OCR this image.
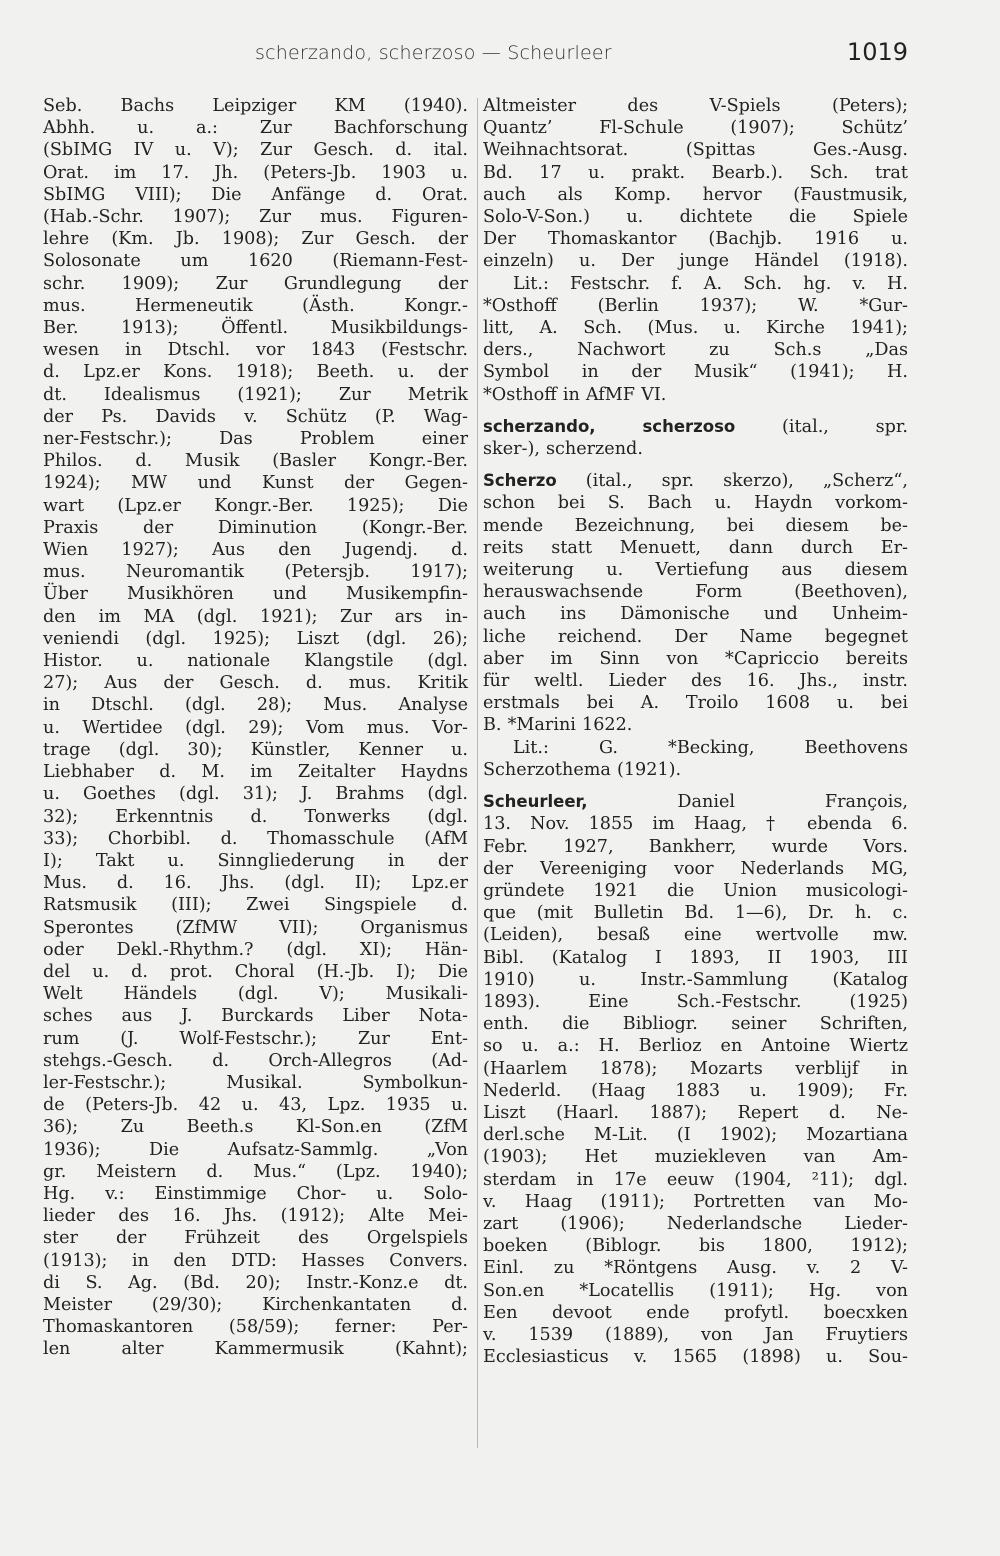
scherzando, scherzoso — Scheurleer	1019
Seb. Bachs Leipziger KM (1940).
Abhh. u. a.: Zur Bachforschung
(SbIMG IV u. V); Zur Gesch. d. ital.
Orat. im 17. Jh. (Peters-Jb. 1903 u.
SbIMG VIII); Die Anfänge d. Orat.
(Hab.-Schr. 1907); Zur mus. Figuren-
lehre (Km. Jb. 1908); Zur Gesch. der
Solosonate um 1620 (Riemann-Fest-
schr. 1909); Zur Grundlegung der
mus. Hermeneutik (Ästh. Kongr.-
Ber. 1913); Öffentl. Musikbildungs-
wesen in Dtschl. vor 1843 (Festschr.
d. Lpz.er Kons. 1918); Beeth. u. der
dt. Idealismus (1921); Zur Metrik
der Ps. Davids v. Schütz (P. Wag-
ner-Festschr.); Das Problem einer
Philos. d. Musik (Basler Kongr.-Ber.
1924); MW und Kunst der Gegen-
wart (Lpz.er Kongr.-Ber. 1925); Die
Praxis der Diminution (Kongr.-Ber.
Wien 1927); Aus den Jugendj. d.
mus. Neuromantik (Petersjb. 1917);
Über Musikhören und Musikempfin-
den im MA (dgl. 1921); Zur ars in-
veniendi (dgl. 1925); Liszt (dgl. 26);
Histor. u. nationale Klangstile (dgl.
27); Aus der Gesch. d. mus. Kritik
in Dtschl. (dgl. 28); Mus. Analyse
u. Wertidee (dgl. 29); Vom mus. Vor-
trage (dgl. 30); Künstler, Kenner u.
Liebhaber d. M. im Zeitalter Haydns
u. Goethes (dgl. 31); J. Brahms (dgl.
32); Erkenntnis d. Tonwerks (dgl.
33); Chorbibl. d. Thomasschule (AfM
I); Takt u. Sinngliederung in der
Mus. d. 16. Jhs. (dgl. II); Lpz.er
Ratsmusik (III); Zwei Singspiele d.
Sperontes (ZfMW VII); Organismus
oder Dekl.-Rhythm.? (dgl. XI); Hän-
del u. d. prot. Choral (H.-Jb. I); Die
Welt Händels (dgl. V); Musikali-
sches aus J. Burckards Liber Nota-
rum (J. Wolf-Festschr.); Zur Ent-
stehgs.-Gesch. d. Orch-Allegros (Ad-
ler-Festschr.); Musikal. Symbolkun-
de (Peters-Jb. 42 u. 43, Lpz. 1935 u.
36); Zu Beeth.s Kl-Son.en (ZfM
1936); Die Aufsatz-Sammlg. „Von
gr. Meistern d. Mus.“ (Lpz. 1940);
Hg. v.: Einstimmige Chor- u. Solo-
lieder des 16. Jhs. (1912); Alte Mei-
ster der Frühzeit des Orgelspiels
(1913); in den DTD: Hasses Convers.
di S. Ag. (Bd. 20); Instr.-Konz.e dt.
Meister (29/30); Kirchenkantaten d.
Thomaskantoren (58/59); ferner: Per-
len alter Kammermusik (Kahnt);
Altmeister des V-Spiels (Peters);
Quantz’ Fl-Schule (1907); Schütz’
Weihnachtsorat. (Spittas Ges.-Ausg.
Bd. 17 u. prakt. Bearb.). Sch. trat
auch als Komp. hervor (Faustmusik,
Solo-V-Son.) u. dichtete die Spiele
Der Thomaskantor (Bachjb. 1916 u.
einzeln) u. Der junge Händel (1918).
Lit.: Festschr. f. A. Sch. hg. v. H.
*Osthoff (Berlin 1937); W. *Gur-
litt, A. Sch. (Mus. u. Kirche 1941);
ders., Nachwort zu Sch.s „Das
Symbol in der Musik“ (1941); H.
*Osthoff in AfMF VI.
scherzando, scherzoso (ital., spr.
sker-), scherzend.
Scherzo (ital., spr. skerzo), „Scherz“,
schon bei S. Bach u. Haydn vorkom-
mende Bezeichnung, bei diesem be-
reits statt Menuett, dann durch Er-
weiterung u. Vertiefung aus diesem
herauswachsende Form (Beethoven),
auch ins Dämonische und Unheim-
liche reichend. Der Name begegnet
aber im Sinn von *Capriccio bereits
für weltl. Lieder des 16. Jhs., instr.
erstmals bei A. Troilo 1608 u. bei
B. *Marini 1622.
Lit.: G. *Becking, Beethovens
Scherzothema (1921).
Scheurleer, Daniel François,
13. Nov. 1855 im Haag, † ebenda 6.
Febr. 1927, Bankherr, wurde Vors.
der Vereeniging voor Nederlands MG,
gründete 1921 die Union musicologi-
que (mit Bulletin Bd. 1—6), Dr. h. c.
(Leiden), besaß eine wertvolle mw.
Bibl. (Katalog I 1893, II 1903, III
1910) u. Instr.-Sammlung (Katalog
1893). Eine Sch.-Festschr. (1925)
enth. die Bibliogr. seiner Schriften,
so u. a.: H. Berlioz en Antoine Wiertz
(Haarlem 1878); Mozarts verblijf in
Nederld. (Haag 1883 u. 1909); Fr.
Liszt (Haarl. 1887); Repert d. Ne-
derl.sche M-Lit. (I 1902); Mozartiana
(1903); Het muziekleven van Am-
sterdam in 17e eeuw (1904, ²11); dgl.
v. Haag (1911); Portretten van Mo-
zart (1906); Nederlandsche Lieder-
boeken (Biblogr. bis 1800, 1912);
Einl. zu *Röntgens Ausg. v. 2 V-
Son.en *Locatellis (1911); Hg. von
Een devoot ende profytl. boecxken
v. 1539 (1889), von Jan Fruytiers
Ecclesiasticus v. 1565 (1898) u. Sou-
